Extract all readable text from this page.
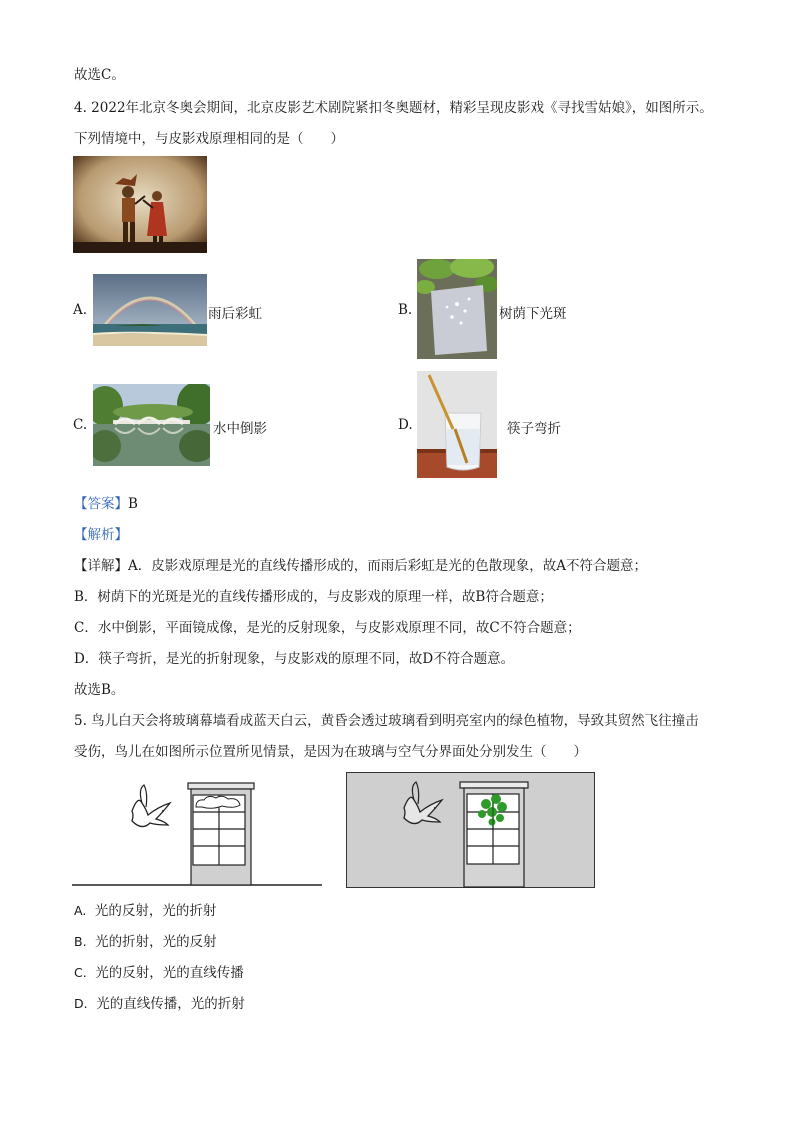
故选C。
4. 2022年北京冬奥会期间，北京皮影艺术剧院紧扣冬奥题材，精彩呈现皮影戏《寻找雪姑娘》，如图所示。
下列情境中，与皮影戏原理相同的是（　　）
A.	雨后彩虹	B.	树荫下光斑
C.	水中倒影	D.	筷子弯折
【答案】B
【解析】
【详解】A．皮影戏原理是光的直线传播形成的，而雨后彩虹是光的色散现象，故A不符合题意；
B．树荫下的光斑是光的直线传播形成的，与皮影戏的原理一样，故B符合题意；
C．水中倒影，平面镜成像，是光的反射现象，与皮影戏原理不同，故C不符合题意；
D．筷子弯折，是光的折射现象，与皮影戏的原理不同，故D不符合题意。
故选B。
5. 鸟儿白天会将玻璃幕墙看成蓝天白云，黄昏会透过玻璃看到明亮室内的绿色植物，导致其贸然飞往撞击
受伤，鸟儿在如图所示位置所见情景，是因为在玻璃与空气分界面处分别发生（　　）
A. 光的反射，光的折射
B. 光的折射，光的反射
C. 光的反射，光的直线传播
D. 光的直线传播，光的折射
